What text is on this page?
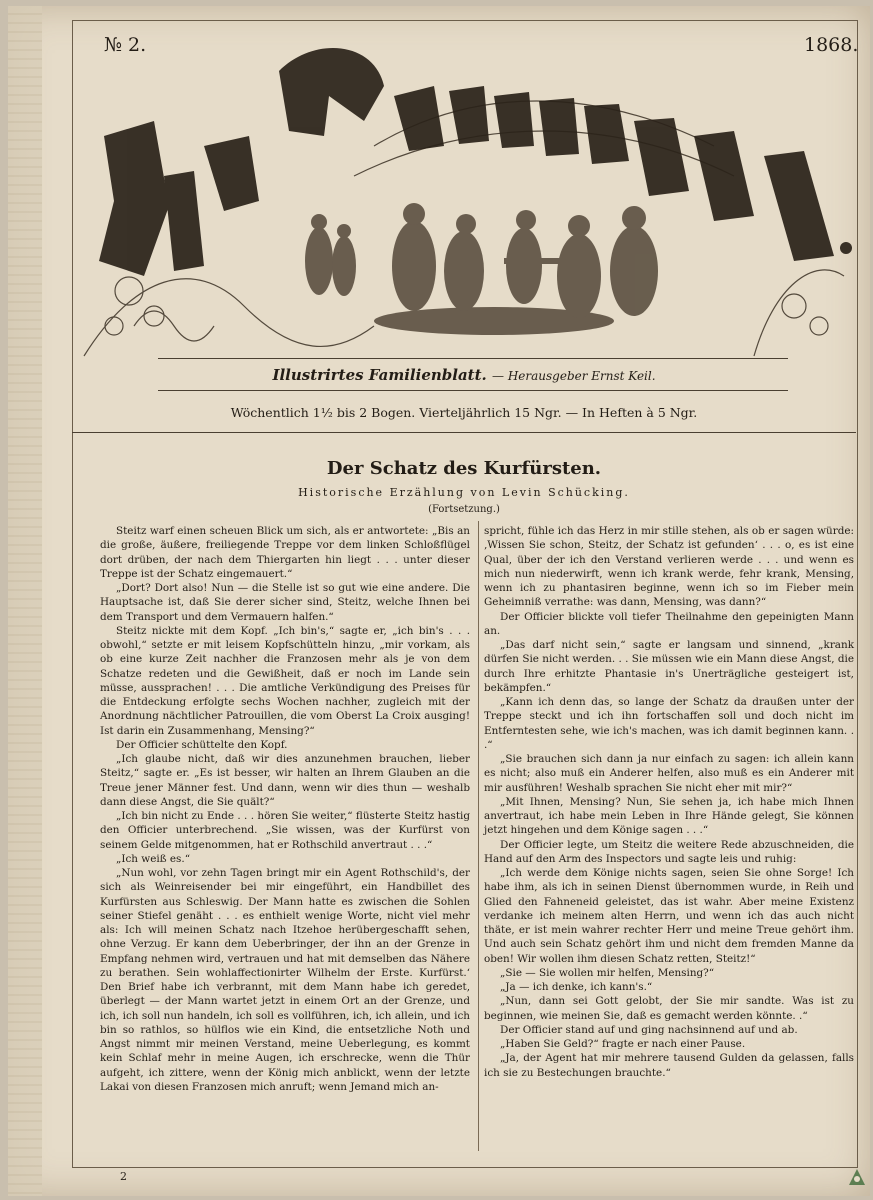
№ 2.	1868.
Illustrirtes Familienblatt. — Herausgeber Ernst Keil.
Wöchentlich 1½ bis 2 Bogen. Vierteljährlich 15 Ngr. — In Heften à 5 Ngr.
Der Schatz des Kurfürsten.
Historische Erzählung von Levin Schücking.
(Fortsetzung.)

Steitz warf einen scheuen Blick um sich, als er antwortete: „Bis an die große, äußere, freiliegende Treppe vor dem linken Schloßflügel dort drüben, der nach dem Thiergarten hin liegt . . . unter dieser Treppe ist der Schatz eingemauert.“

„Dort? Dort also! Nun — die Stelle ist so gut wie eine andere. Die Hauptsache ist, daß Sie derer sicher sind, Steitz, welche Ihnen bei dem Transport und dem Vermauern halfen.“

Steitz nickte mit dem Kopf. „Ich bin's,“ sagte er, „ich bin's . . . obwohl,“ setzte er mit leisem Kopfschütteln hinzu, „mir vorkam, als ob eine kurze Zeit nachher die Franzosen mehr als je von dem Schatze redeten und die Gewißheit, daß er noch im Lande sein müsse, aussprachen! . . . Die amtliche Verkündigung des Preises für die Entdeckung erfolgte sechs Wochen nachher, zugleich mit der Anordnung nächtlicher Patrouillen, die vom Oberst La Croix ausging! Ist darin ein Zusammenhang, Mensing?“

Der Officier schüttelte den Kopf.

„Ich glaube nicht, daß wir dies anzunehmen brauchen, lieber Steitz,“ sagte er. „Es ist besser, wir halten an Ihrem Glauben an die Treue jener Männer fest. Und dann, wenn wir dies thun — weshalb dann diese Angst, die Sie quält?“

„Ich bin nicht zu Ende . . . hören Sie weiter,“ flüsterte Steitz hastig den Officier unterbrechend. „Sie wissen, was der Kurfürst von seinem Gelde mitgenommen, hat er Rothschild anvertraut . . .“

„Ich weiß es.“

„Nun wohl, vor zehn Tagen bringt mir ein Agent Rothschild's, der sich als Weinreisender bei mir eingeführt, ein Handbillet des Kurfürsten aus Schleswig. Der Mann hatte es zwischen die Sohlen seiner Stiefel genäht . . . es enthielt wenige Worte, nicht viel mehr als: Ich will meinen Schatz nach Itzehoe herübergeschafft sehen, ohne Verzug. Er kann dem Ueberbringer, der ihn an der Grenze in Empfang nehmen wird, vertrauen und hat mit demselben das Nähere zu berathen. Sein wohlaffectionirter Wilhelm der Erste. Kurfürst.‘ Den Brief habe ich verbrannt, mit dem Mann habe ich geredet, überlegt — der Mann wartet jetzt in einem Ort an der Grenze, und ich, ich soll nun handeln, ich soll es vollführen, ich, ich allein, und ich bin so rathlos, so hülflos wie ein Kind, die entsetzliche Noth und Angst nimmt mir meinen Verstand, meine Ueberlegung, es kommt kein Schlaf mehr in meine Augen, ich erschrecke, wenn die Thür aufgeht, ich zittere, wenn der König mich anblickt, wenn der letzte Lakai von diesen Franzosen mich anruft; wenn Jemand mich an-

spricht, fühle ich das Herz in mir stille stehen, als ob er sagen würde: ‚Wissen Sie schon, Steitz, der Schatz ist gefunden‘ . . . o, es ist eine Qual, über der ich den Verstand verlieren werde . . . und wenn es mich nun niederwirft, wenn ich krank werde, fehr krank, Mensing, wenn ich zu phantasiren beginne, wenn ich so im Fieber mein Geheimniß verrathe: was dann, Mensing, was dann?“

Der Officier blickte voll tiefer Theilnahme den gepeinigten Mann an.

„Das darf nicht sein,“ sagte er langsam und sinnend, „krank dürfen Sie nicht werden. . . Sie müssen wie ein Mann diese Angst, die durch Ihre erhitzte Phantasie in's Unerträgliche gesteigert ist, bekämpfen.“

„Kann ich denn das, so lange der Schatz da draußen unter der Treppe steckt und ich ihn fortschaffen soll und doch nicht im Entferntesten sehe, wie ich's machen, was ich damit beginnen kann. . .“

„Sie brauchen sich dann ja nur einfach zu sagen: ich allein kann es nicht; also muß ein Anderer helfen, also muß es ein Anderer mit mir ausführen! Weshalb sprachen Sie nicht eher mit mir?“

„Mit Ihnen, Mensing? Nun, Sie sehen ja, ich habe mich Ihnen anvertraut, ich habe mein Leben in Ihre Hände gelegt, Sie können jetzt hingehen und dem Könige sagen . . .“

Der Officier legte, um Steitz die weitere Rede abzuschneiden, die Hand auf den Arm des Inspectors und sagte leis und ruhig:

„Ich werde dem Könige nichts sagen, seien Sie ohne Sorge! Ich habe ihm, als ich in seinen Dienst übernommen wurde, in Reih und Glied den Fahneneid geleistet, das ist wahr. Aber meine Existenz verdanke ich meinem alten Herrn, und wenn ich das auch nicht thäte, er ist mein wahrer rechter Herr und meine Treue gehört ihm. Und auch sein Schatz gehört ihm und nicht dem fremden Manne da oben! Wir wollen ihm diesen Schatz retten, Steitz!“

„Sie — Sie wollen mir helfen, Mensing?“

„Ja — ich denke, ich kann's.“

„Nun, dann sei Gott gelobt, der Sie mir sandte. Was ist zu beginnen, wie meinen Sie, daß es gemacht werden könnte. .“

Der Officier stand auf und ging nachsinnend auf und ab.

„Haben Sie Geld?“ fragte er nach einer Pause.

„Ja, der Agent hat mir mehrere tausend Gulden da gelassen, falls ich sie zu Bestechungen brauchte.“

2
